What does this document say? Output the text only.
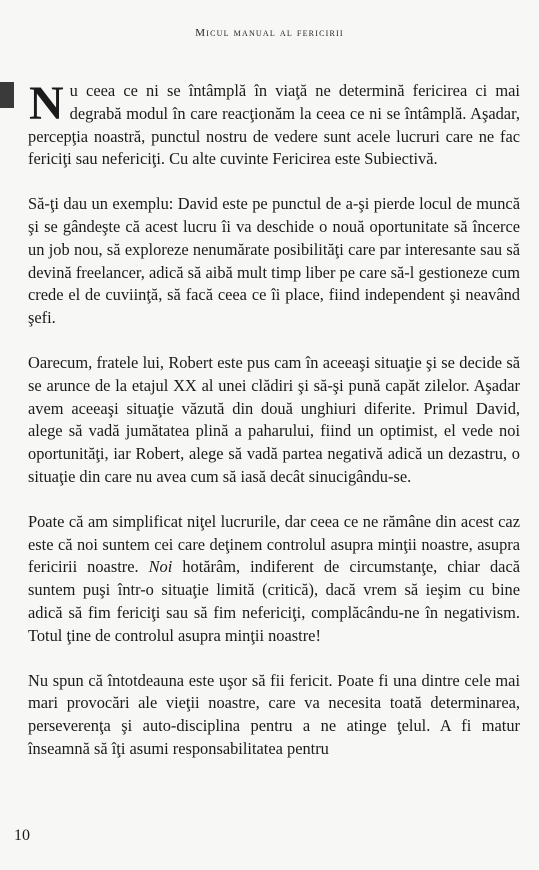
Micul manual al fericirii

Nu ceea ce ni se întâmplă în viaţă ne determină fericirea ci mai degrabă modul în care reacţionăm la ceea ce ni se întâmplă. Aşadar, percepţia noastră, punctul nostru de vedere sunt acele lucruri care ne fac fericiţi sau nefericiţi. Cu alte cuvinte Fericirea este Subiectivă.

Să-ţi dau un exemplu: David este pe punctul de a-şi pierde locul de muncă şi se gândeşte că acest lucru îi va deschide o nouă oportunitate să încerce un job nou, să exploreze nenumărate posibilităţi care par interesante sau să devină freelancer, adică să aibă mult timp liber pe care să-l gestioneze cum crede el de cuviinţă, să facă ceea ce îi place, fiind independent şi neavând şefi.

Oarecum, fratele lui, Robert este pus cam în aceeaşi situaţie şi se decide să se arunce de la etajul XX al unei clădiri şi să-şi pună capăt zilelor. Aşadar avem aceeaşi situaţie văzută din două unghiuri diferite. Primul David, alege să vadă jumătatea plină a paharului, fiind un optimist, el vede noi oportunităţi, iar Robert, alege să vadă partea negativă adică un dezastru, o situaţie din care nu avea cum să iasă decât sinucigându-se.

Poate că am simplificat niţel lucrurile, dar ceea ce ne rămâne din acest caz este că noi suntem cei care deţinem controlul asupra minţii noastre, asupra fericirii noastre. Noi hotărâm, indiferent de circumstanţe, chiar dacă suntem puşi într-o situaţie limită (critică), dacă vrem să ieşim cu bine adică să fim fericiţi sau să fim nefericiţi, complăcându-ne în negativism. Totul ţine de controlul asupra minţii noastre!

Nu spun că întotdeauna este uşor să fii fericit. Poate fi una dintre cele mai mari provocări ale vieţii noastre, care va necesita toată determinarea, perseverenţa şi auto-disciplina pentru a ne atinge ţelul. A fi matur înseamnă să îţi asumi responsabilitatea pentru

10
